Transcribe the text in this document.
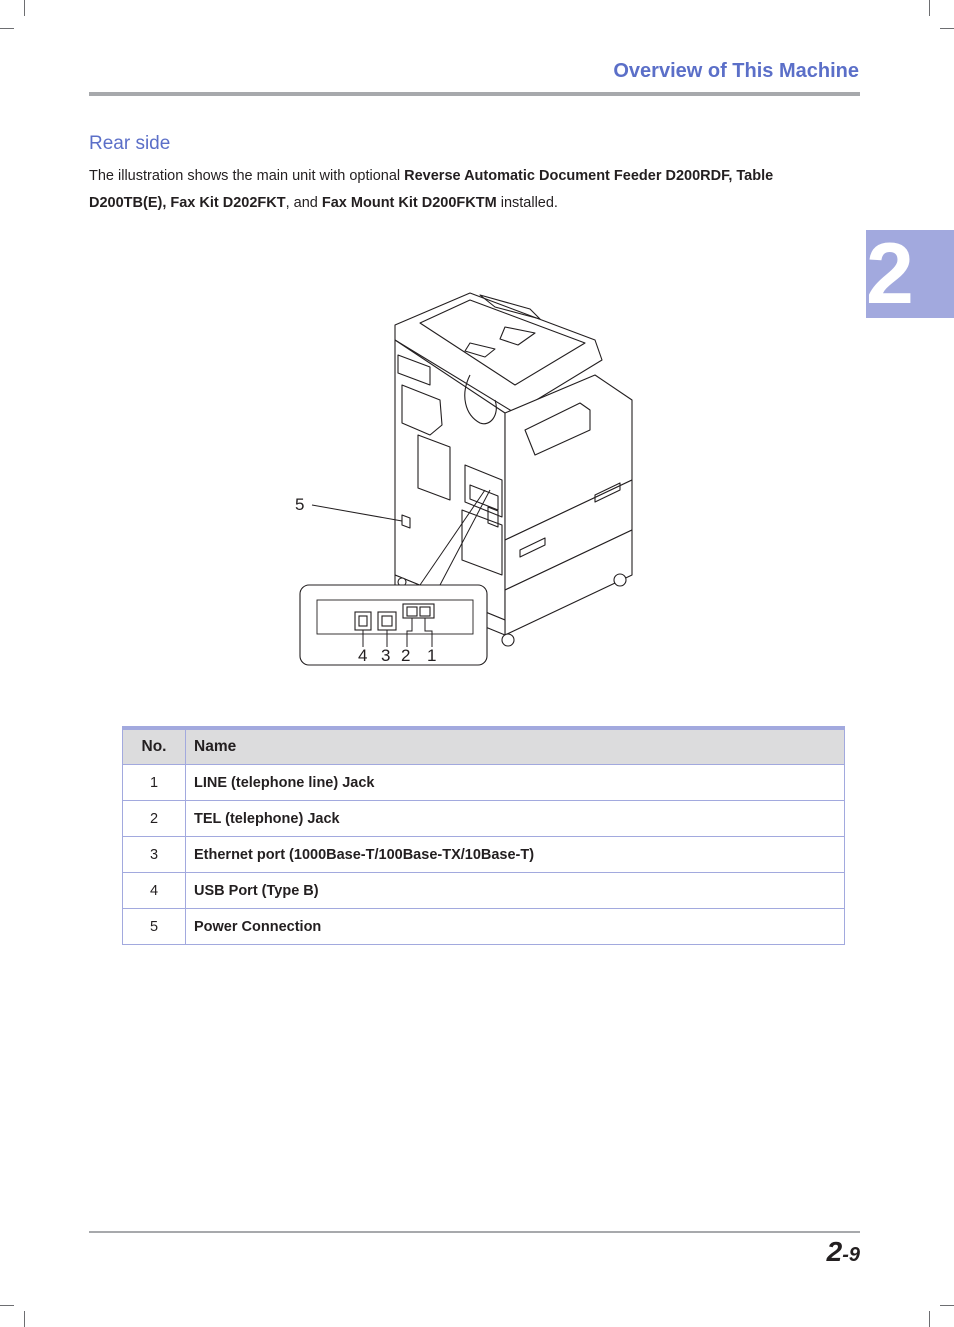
Overview of This Machine
Rear side

The illustration shows the main unit with optional Reverse Automatic Document Feeder D200RDF, Table D200TB(E), Fax Kit D202FKT, and Fax Mount Kit D200FKTM installed.

2
5
4 3 2 1
No.	Name
1	LINE (telephone line) Jack
2	TEL (telephone) Jack
3	Ethernet port (1000Base-T/100Base-TX/10Base-T)
4	USB Port (Type B)
5	Power Connection
2-9
